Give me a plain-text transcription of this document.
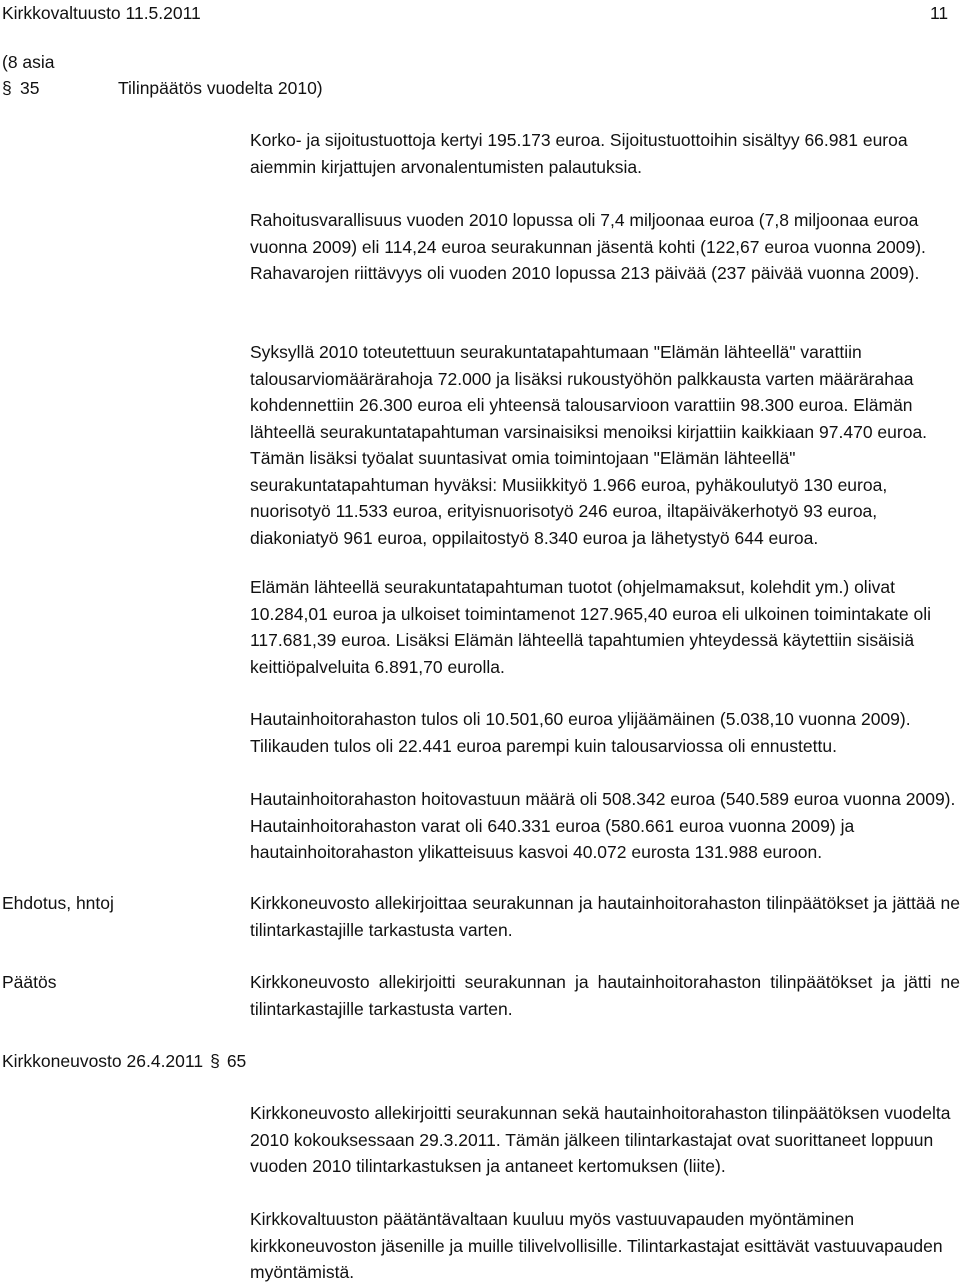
Kirkkovaltuusto 11.5.2011	11
(8 asia
§ 35	Tilinpäätös vuodelta 2010)

Korko- ja sijoitustuottoja kertyi 195.173 euroa. Sijoitustuottoihin sisältyy 66.981 euroa aiemmin kirjattujen arvonalentumisten palautuksia.

Rahoitusvarallisuus vuoden 2010 lopussa oli 7,4 miljoonaa euroa (7,8 miljoonaa euroa vuonna 2009) eli 114,24 euroa seurakunnan jäsentä kohti (122,67 euroa vuonna 2009). Rahavarojen riittävyys oli vuoden 2010 lopussa 213 päivää (237 päivää vuonna 2009).

Syksyllä 2010 toteutettuun seurakuntatapahtumaan "Elämän lähteellä" varattiin talousarviomäärärahoja 72.000 ja lisäksi rukoustyöhön palkkausta varten määrärahaa kohdennettiin 26.300 euroa eli yhteensä talousarvioon varattiin 98.300 euroa. Elämän lähteellä seurakuntatapahtuman varsinaisiksi menoiksi kirjattiin kaikkiaan 97.470 euroa. Tämän lisäksi työalat suuntasivat omia toimintojaan "Elämän lähteellä" seurakuntatapahtuman hyväksi: Musiikkityö 1.966 euroa, pyhäkoulutyö 130 euroa, nuorisotyö 11.533 euroa, erityisnuorisotyö 246 euroa, iltapäiväkerhotyö 93 euroa, diakoniatyö 961 euroa, oppilaitostyö 8.340 euroa ja lähetystyö 644 euroa.

Elämän lähteellä seurakuntatapahtuman tuotot (ohjelmamaksut, kolehdit ym.) olivat 10.284,01 euroa ja ulkoiset toimintamenot 127.965,40 euroa eli ulkoinen toimintakate oli 117.681,39 euroa. Lisäksi Elämän lähteellä tapahtumien yhteydessä käytettiin sisäisiä keittiöpalveluita 6.891,70 eurolla.

Hautainhoitorahaston tulos oli 10.501,60 euroa ylijäämäinen (5.038,10 vuonna 2009). Tilikauden tulos oli 22.441 euroa parempi kuin talousarviossa oli ennustettu.

Hautainhoitorahaston hoitovastuun määrä oli 508.342 euroa (540.589 euroa vuonna 2009). Hautainhoitorahaston varat oli 640.331 euroa (580.661 euroa vuonna 2009) ja hautainhoitorahaston ylikatteisuus kasvoi 40.072 eurosta 131.988 euroon.

Ehdotus, hntoj	Kirkkoneuvosto allekirjoittaa seurakunnan ja hautainhoitorahaston tilinpäätökset ja jättää ne tilintarkastajille tarkastusta varten.

Päätös	Kirkkoneuvosto allekirjoitti seurakunnan ja hautainhoitorahaston tilinpäätökset ja jätti ne tilintarkastajille tarkastusta varten.

Kirkkoneuvosto 26.4.2011 § 65

Kirkkoneuvosto allekirjoitti seurakunnan sekä hautainhoitorahaston tilinpäätöksen vuodelta 2010 kokouksessaan 29.3.2011. Tämän jälkeen tilintarkastajat ovat suorittaneet loppuun vuoden 2010 tilintarkastuksen ja antaneet kertomuksen (liite).

Kirkkovaltuuston päätäntävaltaan kuuluu myös vastuuvapauden myöntäminen kirkkoneuvoston jäsenille ja muille tilivelvollisille. Tilintarkastajat esittävät vastuuvapauden myöntämistä.
